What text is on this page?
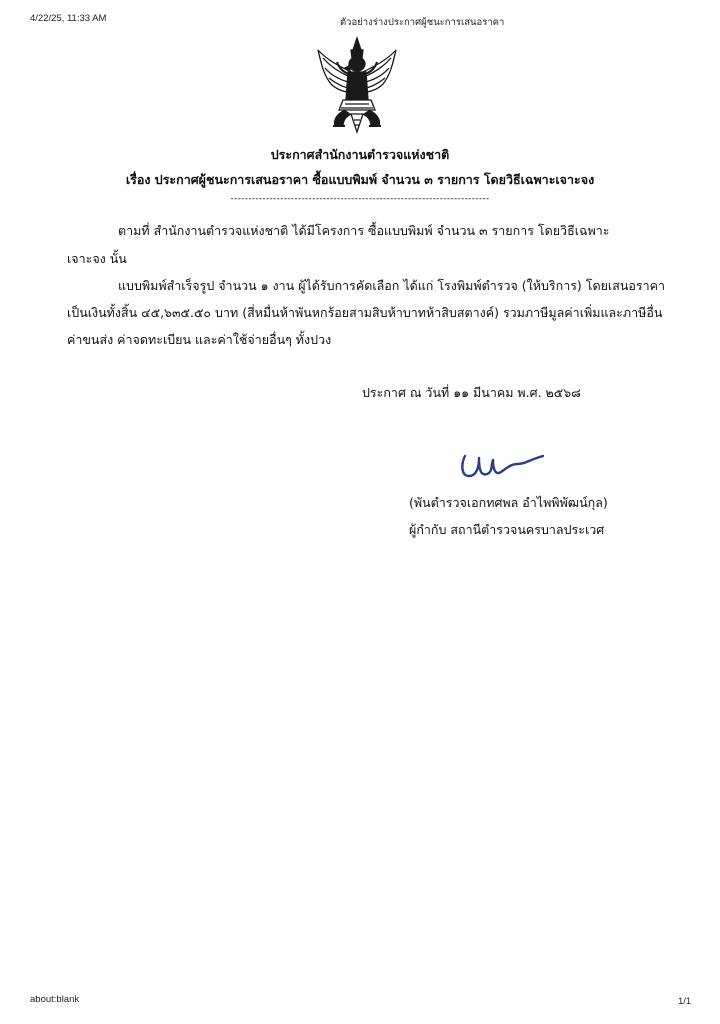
4/22/25, 11:33 AM	ตัวอย่างร่างประกาศผู้ชนะการเสนอราคา
ประกาศสำนักงานตำรวจแห่งชาติ
เรื่อง ประกาศผู้ชนะการเสนอราคา ซื้อแบบพิมพ์ จำนวน ๓ รายการ โดยวิธีเฉพาะเจาะจง
-------------------------------------------------------------------------
ตามที่ สำนักงานตำรวจแห่งชาติ ได้มีโครงการ ซื้อแบบพิมพ์ จำนวน ๓ รายการ โดยวิธีเฉพาะ
เจาะจง นั้น
แบบพิมพ์สำเร็จรูป จำนวน ๑ งาน ผู้ได้รับการคัดเลือก ได้แก่ โรงพิมพ์ตำรวจ (ให้บริการ) โดยเสนอราคา
เป็นเงินทั้งสิ้น ๔๕,๖๓๕.๕๐ บาท (สี่หมื่นห้าพันหกร้อยสามสิบห้าบาทห้าสิบสตางค์) รวมภาษีมูลค่าเพิ่มและภาษีอื่น
ค่าขนส่ง ค่าจดทะเบียน และค่าใช้จ่ายอื่นๆ ทั้งปวง
ประกาศ ณ วันที่ ๑๑ มีนาคม พ.ศ. ๒๕๖๘
(พันตำรวจเอกทศพล อำไพพิพัฒน์กุล)
ผู้กำกับ สถานีตำรวจนครบาลประเวศ
about:blank	1/1
